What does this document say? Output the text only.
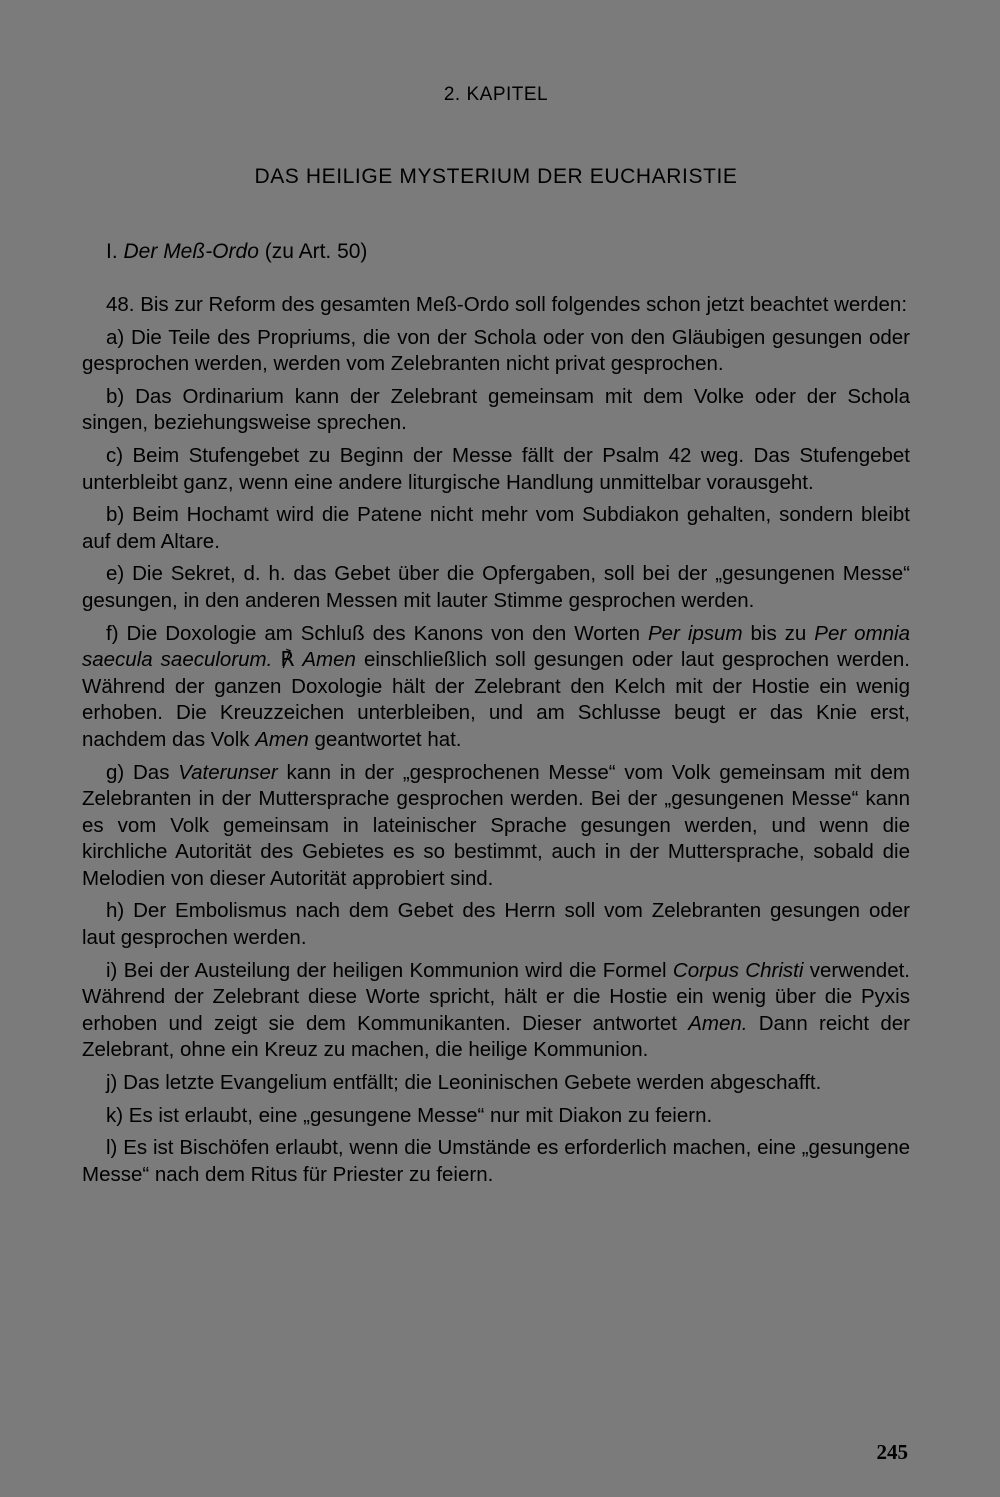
2. KAPITEL
DAS HEILIGE MYSTERIUM DER EUCHARISTIE
I. Der Meß-Ordo (zu Art. 50)

48. Bis zur Reform des gesamten Meß-Ordo soll folgendes schon jetzt beachtet werden:

a) Die Teile des Propriums, die von der Schola oder von den Gläubigen gesungen oder gesprochen werden, werden vom Zelebranten nicht privat gesprochen.

b) Das Ordinarium kann der Zelebrant gemeinsam mit dem Volke oder der Schola singen, beziehungsweise sprechen.

c) Beim Stufengebet zu Beginn der Messe fällt der Psalm 42 weg. Das Stufengebet unterbleibt ganz, wenn eine andere liturgische Handlung unmittelbar vorausgeht.

b) Beim Hochamt wird die Patene nicht mehr vom Subdiakon gehalten, sondern bleibt auf dem Altare.

e) Die Sekret, d. h. das Gebet über die Opfergaben, soll bei der „gesungenen Messe“ gesungen, in den anderen Messen mit lauter Stimme gesprochen werden.

f) Die Doxologie am Schluß des Kanons von den Worten Per ipsum bis zu Per omnia saecula saeculorum. ℟ Amen einschließlich soll gesungen oder laut gesprochen werden. Während der ganzen Doxologie hält der Zelebrant den Kelch mit der Hostie ein wenig erhoben. Die Kreuzzeichen unterbleiben, und am Schlusse beugt er das Knie erst, nachdem das Volk Amen geantwortet hat.

g) Das Vaterunser kann in der „gesprochenen Messe“ vom Volk gemeinsam mit dem Zelebranten in der Muttersprache gesprochen werden. Bei der „gesungenen Messe“ kann es vom Volk gemeinsam in lateinischer Sprache gesungen werden, und wenn die kirchliche Autorität des Gebietes es so bestimmt, auch in der Muttersprache, sobald die Melodien von dieser Autorität approbiert sind.

h) Der Embolismus nach dem Gebet des Herrn soll vom Zelebranten gesungen oder laut gesprochen werden.

i) Bei der Austeilung der heiligen Kommunion wird die Formel Corpus Christi verwendet. Während der Zelebrant diese Worte spricht, hält er die Hostie ein wenig über die Pyxis erhoben und zeigt sie dem Kommunikanten. Dieser antwortet Amen. Dann reicht der Zelebrant, ohne ein Kreuz zu machen, die heilige Kommunion.

j) Das letzte Evangelium entfällt; die Leoninischen Gebete werden abgeschafft.

k) Es ist erlaubt, eine „gesungene Messe“ nur mit Diakon zu feiern.

l) Es ist Bischöfen erlaubt, wenn die Umstände es erforderlich machen, eine „gesungene Messe“ nach dem Ritus für Priester zu feiern.

245
